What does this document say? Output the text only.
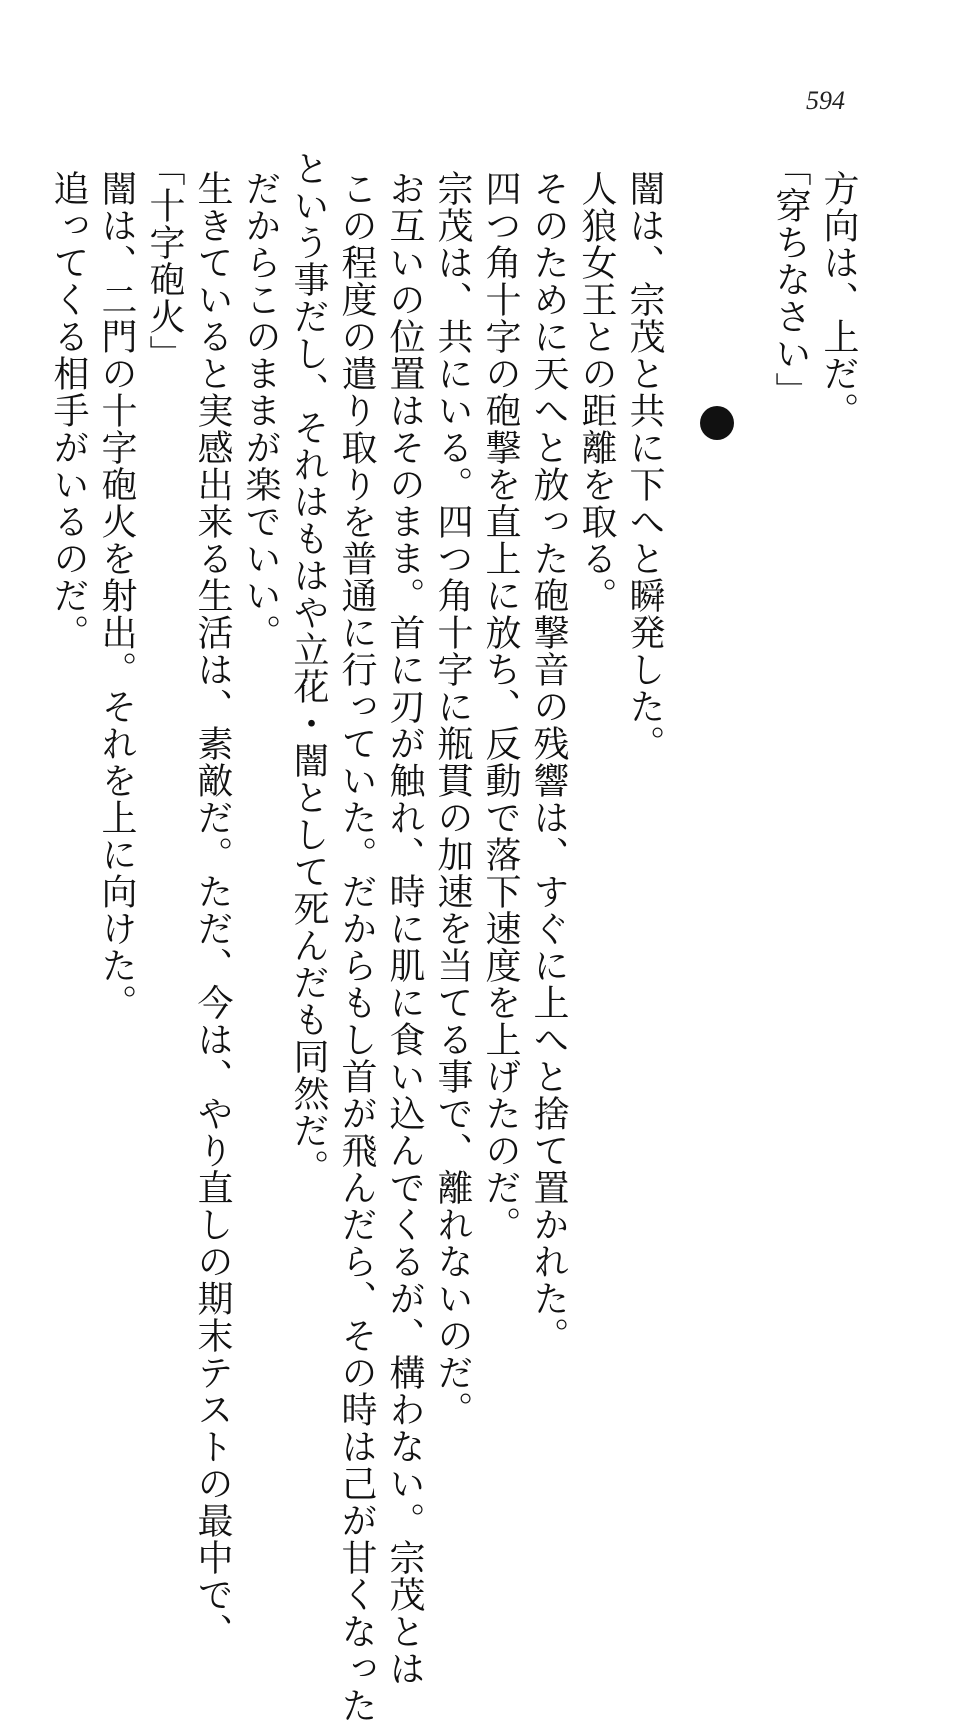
594
方向は、上だ。
「穿ちなさい」
闇は、宗茂と共に下へと瞬発した。
人狼女王との距離を取る。
そのために天へと放った砲撃音の残響は、すぐに上へと捨て置かれた。
四つ角十字の砲撃を直上に放ち、反動で落下速度を上げたのだ。
宗茂は、共にいる。四つ角十字に瓶貫の加速を当てる事で、離れないのだ。
お互いの位置はそのまま。首に刃が触れ、時に肌に食い込んでくるが、構わない。宗茂とは
この程度の遣り取りを普通に行っていた。だからもし首が飛んだら、その時は己が甘くなった
という事だし、それはもはや立花・闇として死んだも同然だ。
だからこのままが楽でいい。
生きていると実感出来る生活は、素敵だ。ただ、今は、やり直しの期末テストの最中で、
「十字砲火」
闇は、二門の十字砲火を射出。それを上に向けた。
追ってくる相手がいるのだ。
